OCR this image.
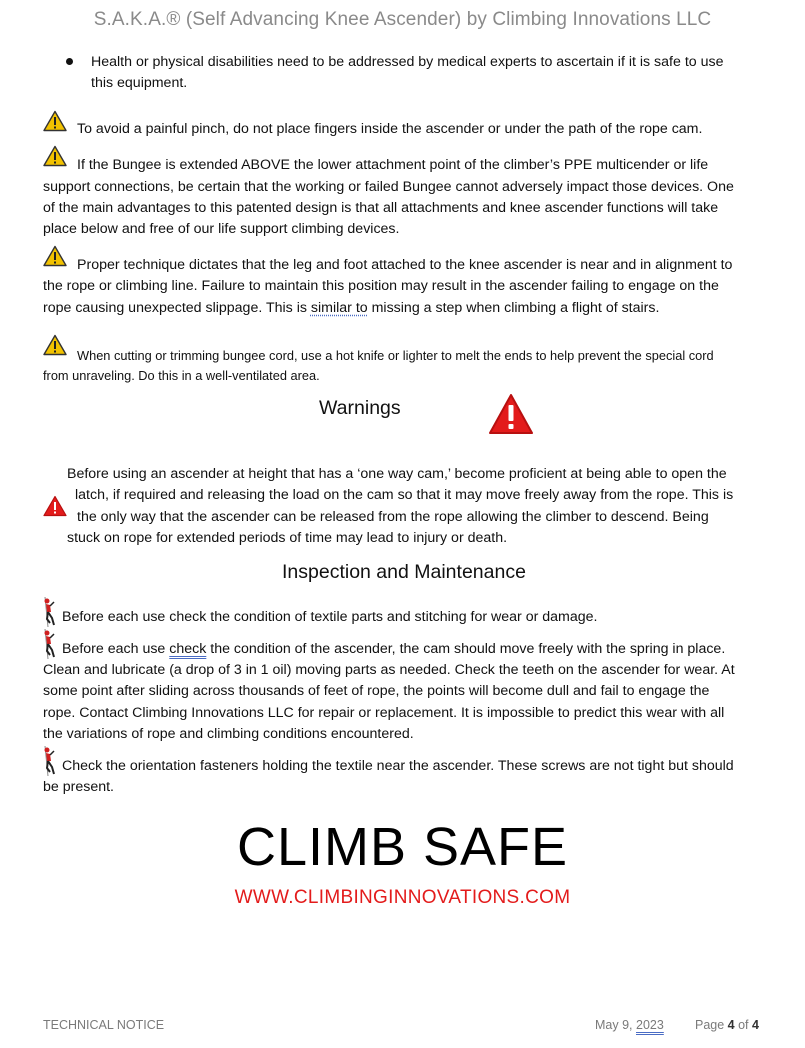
S.A.K.A.® (Self Advancing Knee Ascender) by Climbing Innovations LLC
Health or physical disabilities need to be addressed by medical experts to ascertain if it is safe to use
this equipment.
To avoid a painful pinch, do not place fingers inside the ascender or under the path of the rope cam.
If the Bungee is extended ABOVE the lower attachment point of the climber’s PPE multicender or life
support connections, be certain that the working or failed Bungee cannot adversely impact those devices. One
of the main advantages to this patented design is that all attachments and knee ascender functions will take
place below and free of our life support climbing devices.
Proper technique dictates that the leg and foot attached to the knee ascender is near and in alignment to
the rope or climbing line. Failure to maintain this position may result in the ascender failing to engage on the
rope causing unexpected slippage. This is similar to missing a step when climbing a flight of stairs.
When cutting or trimming bungee cord, use a hot knife or lighter to melt the ends to help prevent the special cord
from unraveling. Do this in a well-ventilated area.
Warnings
Before using an ascender at height that has a ‘one way cam,’ become proficient at being able to open the
latch, if required and releasing the load on the cam so that it may move freely away from the rope. This is
the only way that the ascender can be released from the rope allowing the climber to descend. Being
stuck on rope for extended periods of time may lead to injury or death.
Inspection and Maintenance
Before each use check the condition of textile parts and stitching for wear or damage.
Before each use check the condition of the ascender, the cam should move freely with the spring in place.
Clean and lubricate (a drop of 3 in 1 oil) moving parts as needed. Check the teeth on the ascender for wear. At
some point after sliding across thousands of feet of rope, the points will become dull and fail to engage the
rope. Contact Climbing Innovations LLC for repair or replacement. It is impossible to predict this wear with all
the variations of rope and climbing conditions encountered.
Check the orientation fasteners holding the textile near the ascender. These screws are not tight but should
be present.
CLIMB SAFE
WWW.CLIMBINGINNOVATIONS.COM
TECHNICAL NOTICE	May 9, 2023 Page 4 of 4
